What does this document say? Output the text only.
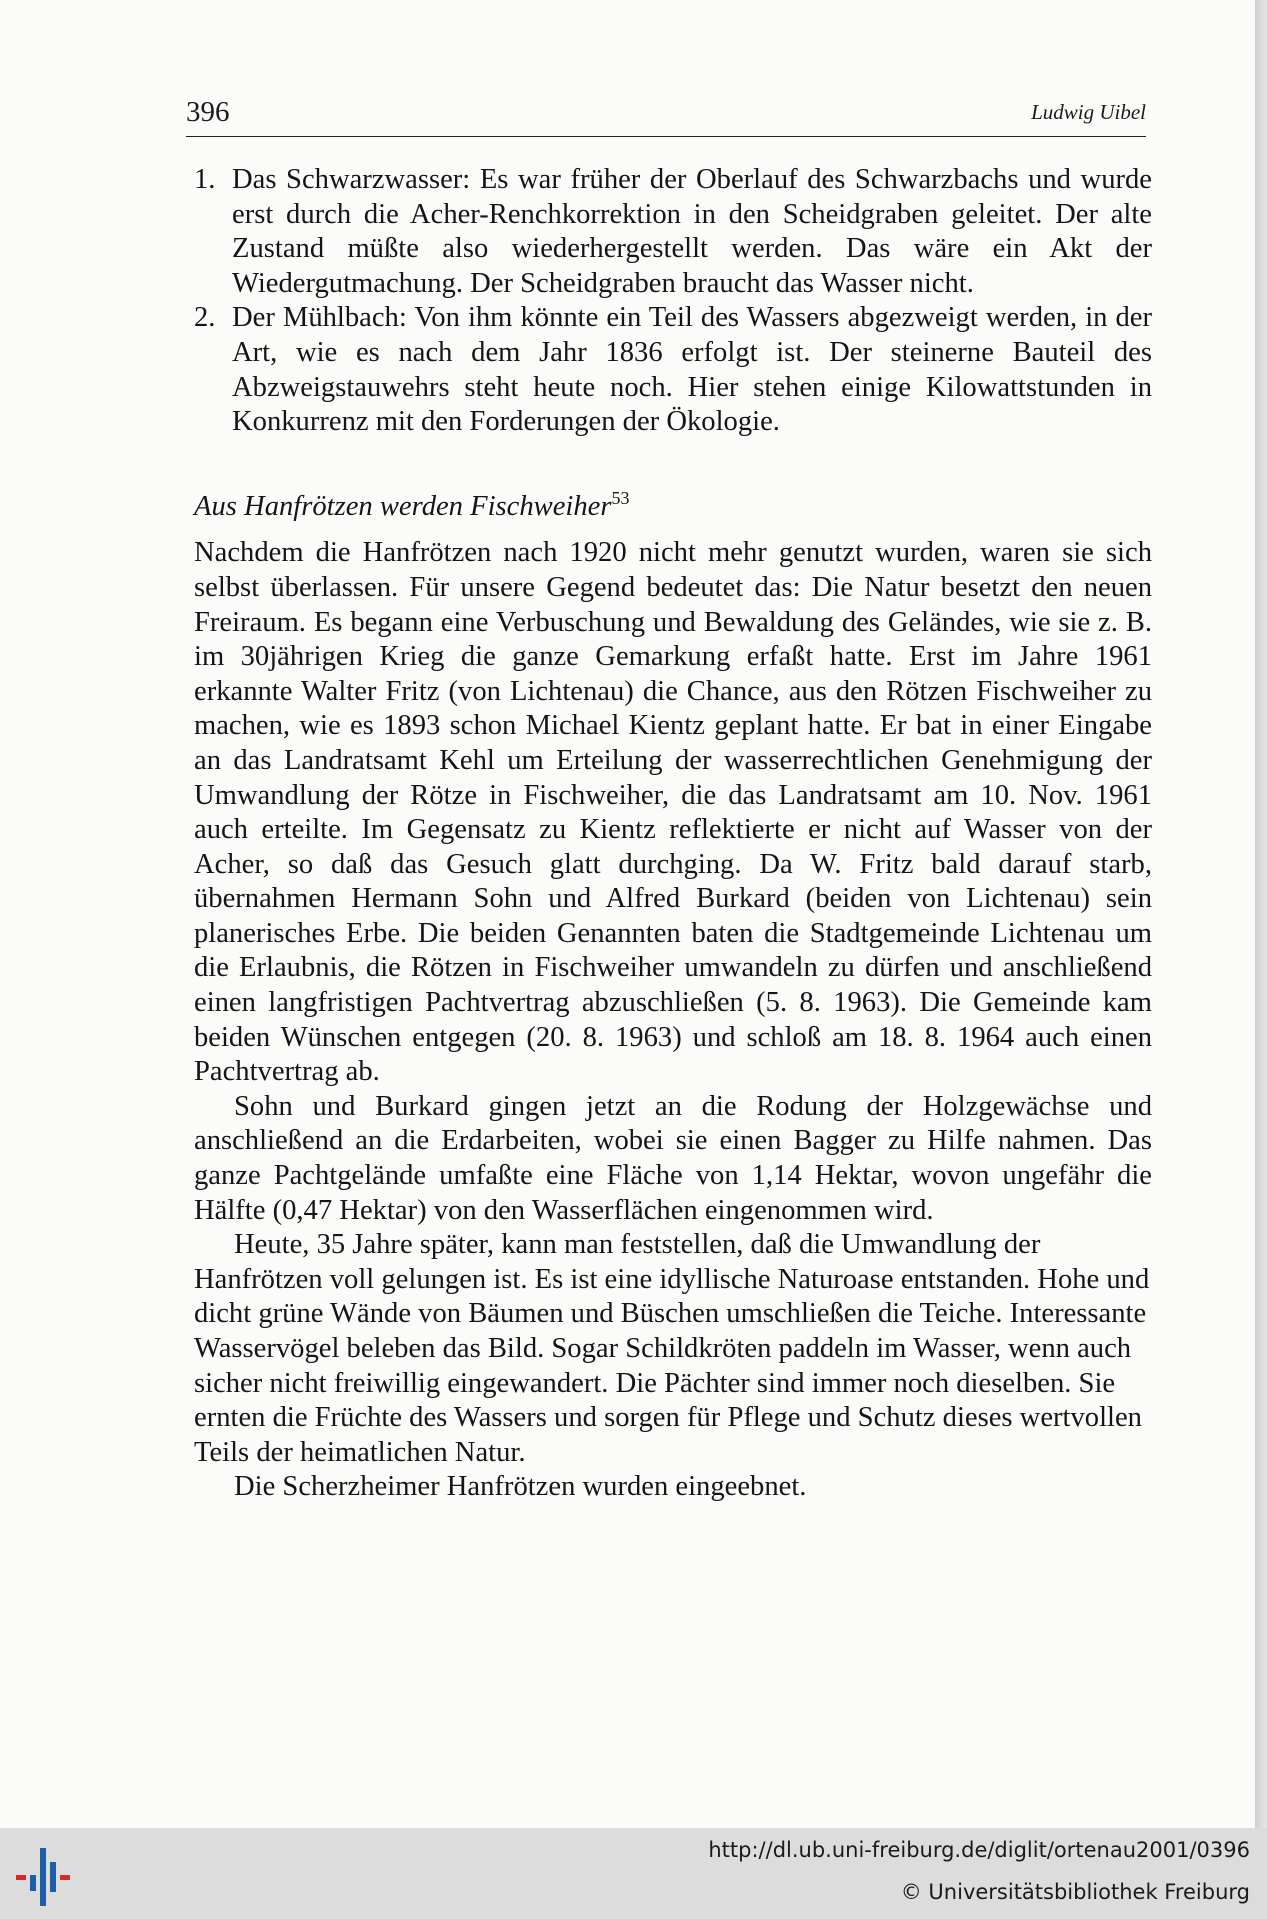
396	Ludwig Uibel
1. Das Schwarzwasser: Es war früher der Oberlauf des Schwarzbachs und wurde erst durch die Acher-Renchkorrektion in den Scheidgraben geleitet. Der alte Zustand müßte also wiederhergestellt werden. Das wäre ein Akt der Wiedergutmachung. Der Scheidgraben braucht das Wasser nicht.
2. Der Mühlbach: Von ihm könnte ein Teil des Wassers abgezweigt werden, in der Art, wie es nach dem Jahr 1836 erfolgt ist. Der steinerne Bauteil des Abzweigstauwehrs steht heute noch. Hier stehen einige Kilowattstunden in Konkurrenz mit den Forderungen der Ökologie.

Aus Hanfrötzen werden Fischweiher$^{53}$

Nachdem die Hanfrötzen nach 1920 nicht mehr genutzt wurden, waren sie sich selbst überlassen. Für unsere Gegend bedeutet das: Die Natur besetzt den neuen Freiraum. Es begann eine Verbuschung und Bewaldung des Geländes, wie sie z. B. im 30jährigen Krieg die ganze Gemarkung erfaßt hatte. Erst im Jahre 1961 erkannte Walter Fritz (von Lichtenau) die Chance, aus den Rötzen Fischweiher zu machen, wie es 1893 schon Michael Kientz geplant hatte. Er bat in einer Eingabe an das Landratsamt Kehl um Erteilung der wasserrechtlichen Genehmigung der Umwandlung der Rötze in Fischweiher, die das Landratsamt am 10. Nov. 1961 auch erteilte. Im Gegensatz zu Kientz reflektierte er nicht auf Wasser von der Acher, so daß das Gesuch glatt durchging. Da W. Fritz bald darauf starb, übernahmen Hermann Sohn und Alfred Burkard (beiden von Lichtenau) sein planerisches Erbe. Die beiden Genannten baten die Stadtgemeinde Lichtenau um die Erlaubnis, die Rötzen in Fischweiher umwandeln zu dürfen und anschließend einen langfristigen Pachtvertrag abzuschließen (5. 8. 1963). Die Gemeinde kam beiden Wünschen entgegen (20. 8. 1963) und schloß am 18. 8. 1964 auch einen Pachtvertrag ab.

Sohn und Burkard gingen jetzt an die Rodung der Holzgewächse und anschließend an die Erdarbeiten, wobei sie einen Bagger zu Hilfe nahmen. Das ganze Pachtgelände umfaßte eine Fläche von 1,14 Hektar, wovon ungefähr die Hälfte (0,47 Hektar) von den Wasserflächen eingenommen wird.

Heute, 35 Jahre später, kann man feststellen, daß die Umwandlung der Hanfrötzen voll gelungen ist. Es ist eine idyllische Naturoase entstanden. Hohe und dicht grüne Wände von Bäumen und Büschen umschließen die Teiche. Interessante Wasservögel beleben das Bild. Sogar Schildkröten paddeln im Wasser, wenn auch sicher nicht freiwillig eingewandert. Die Pächter sind immer noch dieselben. Sie ernten die Früchte des Wassers und sorgen für Pflege und Schutz dieses wertvollen Teils der heimatlichen Natur.

Die Scherzheimer Hanfrötzen wurden eingeebnet.

http://dl.ub.uni-freiburg.de/diglit/ortenau2001/0396
© Universitätsbibliothek Freiburg
